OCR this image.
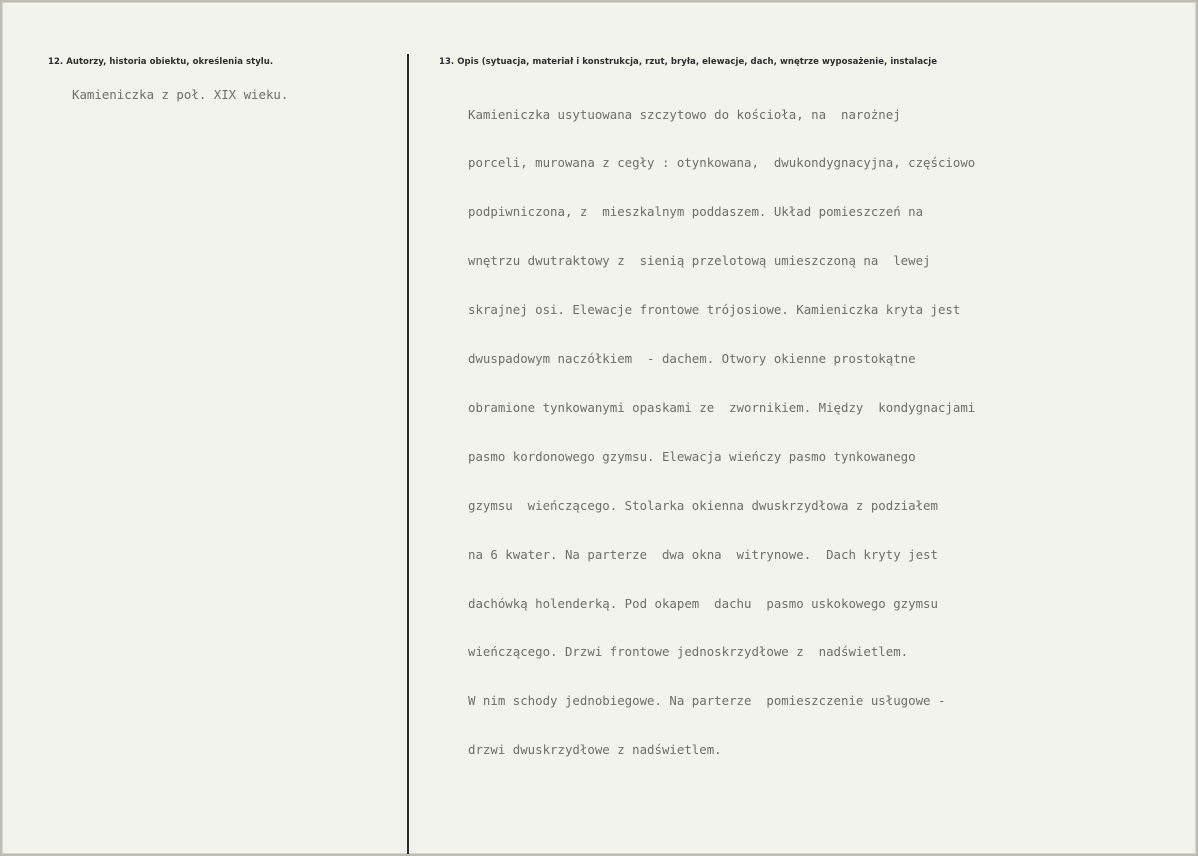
12. Autorzy, historia obiektu, określenia stylu.	13. Opis (sytuacja, materiał i konstrukcja, rzut, bryła, elewacje, dach, wnętrze wyposażenie, instalacje
Kamieniczka z poł. XIX wieku.

Kamieniczka usytuowana szczytowo do kościoła, na  narożnej

porceli, murowana z cegły : otynkowana,  dwukondygnacyjna, częściowo

podpiwniczona, z  mieszkalnym poddaszem. Układ pomieszczeń na

wnętrzu dwutraktowy z  sienią przelotową umieszczoną na  lewej

skrajnej osi. Elewacje frontowe trójosiowe. Kamieniczka kryta jest

dwuspadowym naczółkiem  - dachem. Otwory okienne prostokątne

obramione tynkowanymi opaskami ze  zwornikiem. Między  kondygnacjami

pasmo kordonowego gzymsu. Elewacja wieńczy pasmo tynkowanego

gzymsu  wieńczącego. Stolarka okienna dwuskrzydłowa z podziałem

na 6 kwater. Na parterze  dwa okna  witrynowe.  Dach kryty jest

dachówką holenderką. Pod okapem  dachu  pasmo uskokowego gzymsu

wieńczącego. Drzwi frontowe jednoskrzydłowe z  nadświetlem.

W nim schody jednobiegowe. Na parterze  pomieszczenie usługowe -

drzwi dwuskrzydłowe z nadświetlem.
